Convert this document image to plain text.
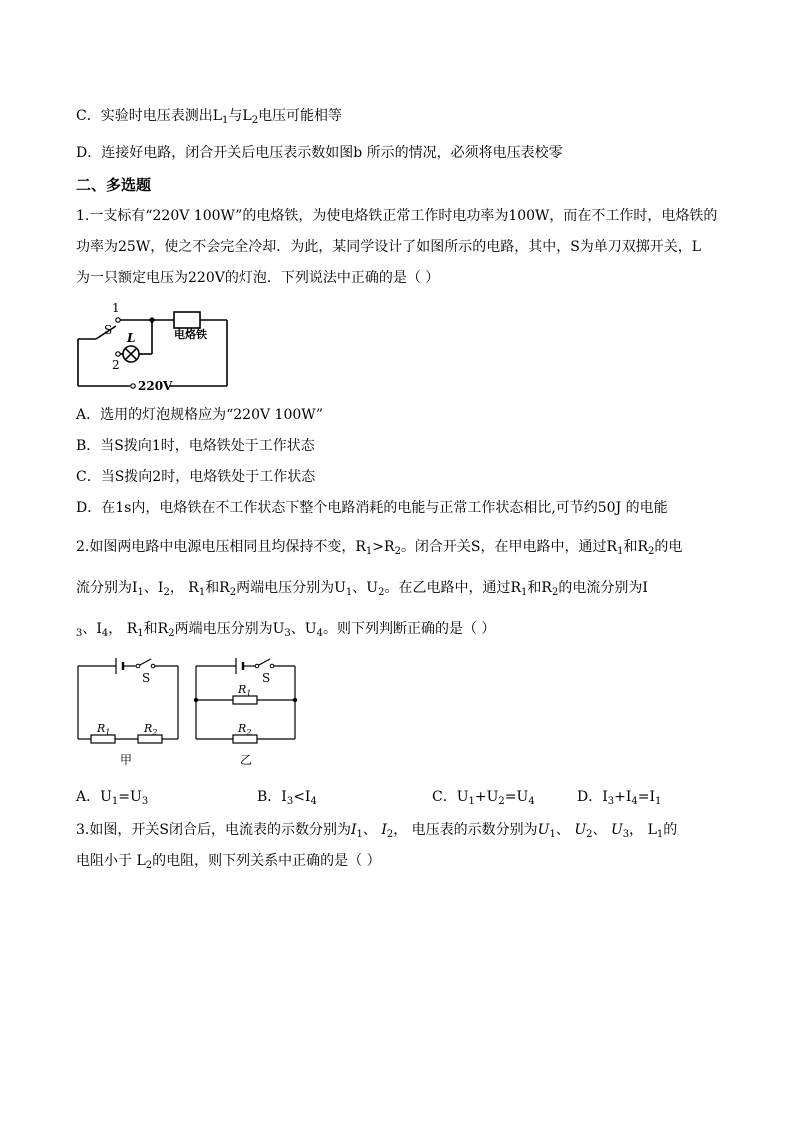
C．实验时电压表测出$L_1$与$L_2$电压可能相等
D．连接好电路，闭合开关后电压表示数如图b 所示的情况，必须将电压表校零
二、多选题
1.一支标有“220V 100W”的电烙铁，为使电烙铁正常工作时电功率为100W，而在不工作时，电烙铁的
功率为25W，使之不会完全冷却．为此，某同学设计了如图所示的电路，其中，S为单刀双掷开关，L
为一只额定电压为220V的灯泡．下列说法中正确的是（ ）
1
S
L
2
电烙铁
220V
A．选用的灯泡规格应为“220V 100W”
B．当S拨向1时，电烙铁处于工作状态
C．当S拨向2时，电烙铁处于工作状态
D．在1s内，电烙铁在不工作状态下整个电路消耗的电能与正常工作状态相比,可节约50J 的电能
2.如图两电路中电源电压相同且均保持不变，$R_1>R_2$。闭合开关S，在甲电路中，通过$R_1$和$R_2$的电
流分别为$I_1$、$I_2$， $R_1$和$R_2$两端电压分别为$U_1$、$U_2$。在乙电路中，通过$R_1$和$R_2$的电流分别为I
$_3$、$I_4$， $R_1$和$R_2$两端电压分别为$U_3$、$U_4$。则下列判断正确的是（ ）
S
$R_1$	$R_2$
甲
S
$R_1$
$R_2$
乙
A．$U_1=U_3$	B．$I_3<I_4$	C．$U_1+U_2=U_4$	D．$I_3+I_4=I_1$
3.如图，开关S闭合后，电流表的示数分别为$I_1$、 $I_2$， 电压表的示数分别为$U_1$、 $U_2$、 $U_3$， $L_1$的
电阻小于 $L_2$的电阻，则下列关系中正确的是（ ）
